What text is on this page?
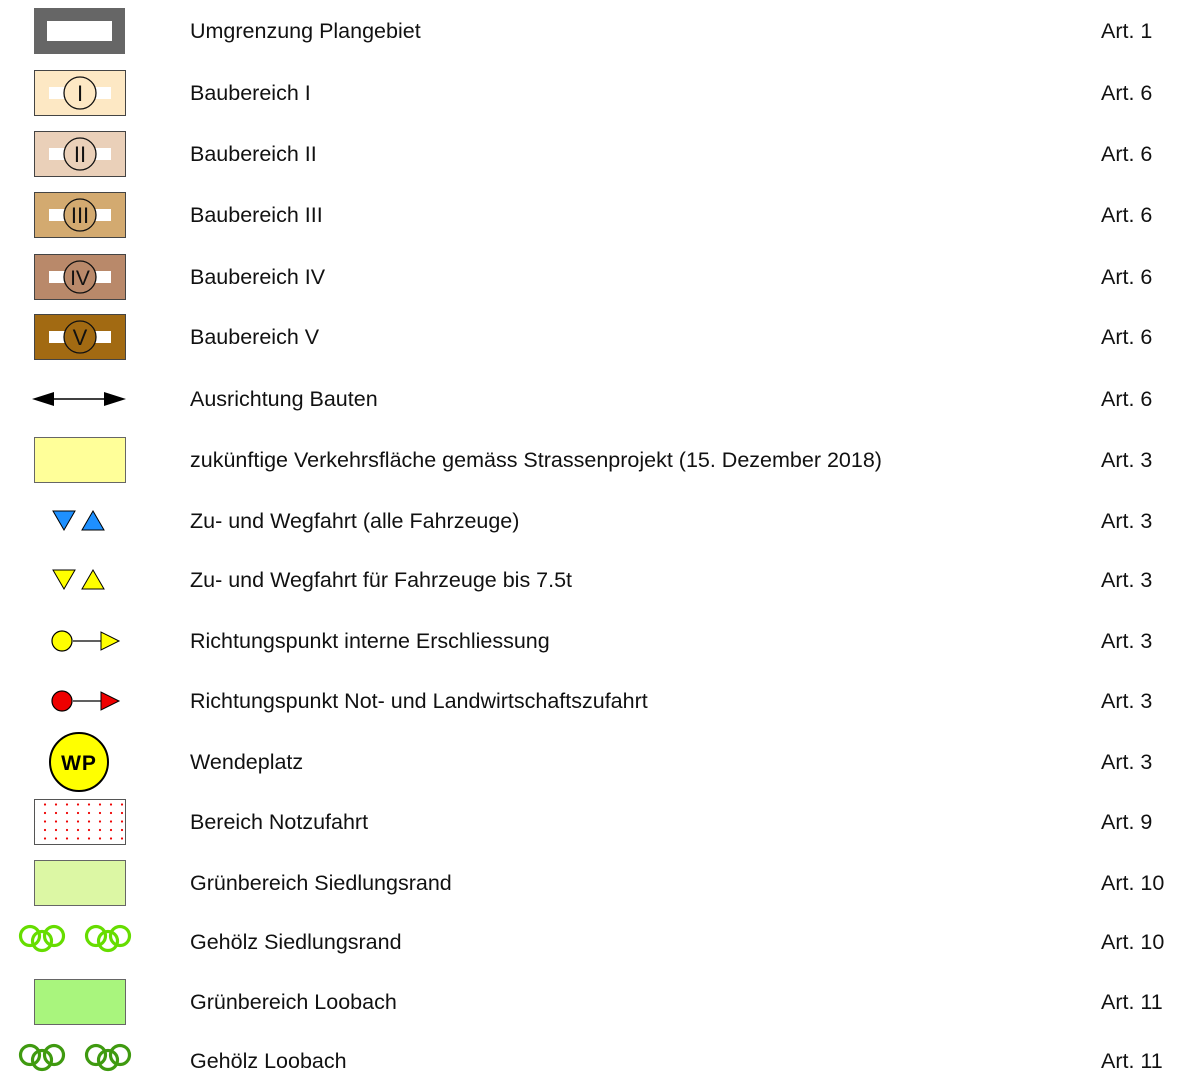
Umgrenzung Plangebiet	Art. 1
I	Baubereich I	Art. 6
II	Baubereich II	Art. 6
III	Baubereich III	Art. 6
IV	Baubereich IV	Art. 6
V	Baubereich V	Art. 6
Ausrichtung Bauten	Art. 6
zukünftige Verkehrsfläche gemäss Strassenprojekt (15. Dezember 2018)	Art. 3
Zu- und Wegfahrt (alle Fahrzeuge)	Art. 3
Zu- und Wegfahrt für Fahrzeuge bis 7.5t	Art. 3
Richtungspunkt interne Erschliessung	Art. 3
Richtungspunkt Not- und Landwirtschaftszufahrt	Art. 3
WP	Wendeplatz	Art. 3
Bereich Notzufahrt	Art. 9
Grünbereich Siedlungsrand	Art. 10
Gehölz Siedlungsrand	Art. 10
Grünbereich Loobach	Art. 11
Gehölz Loobach	Art. 11
